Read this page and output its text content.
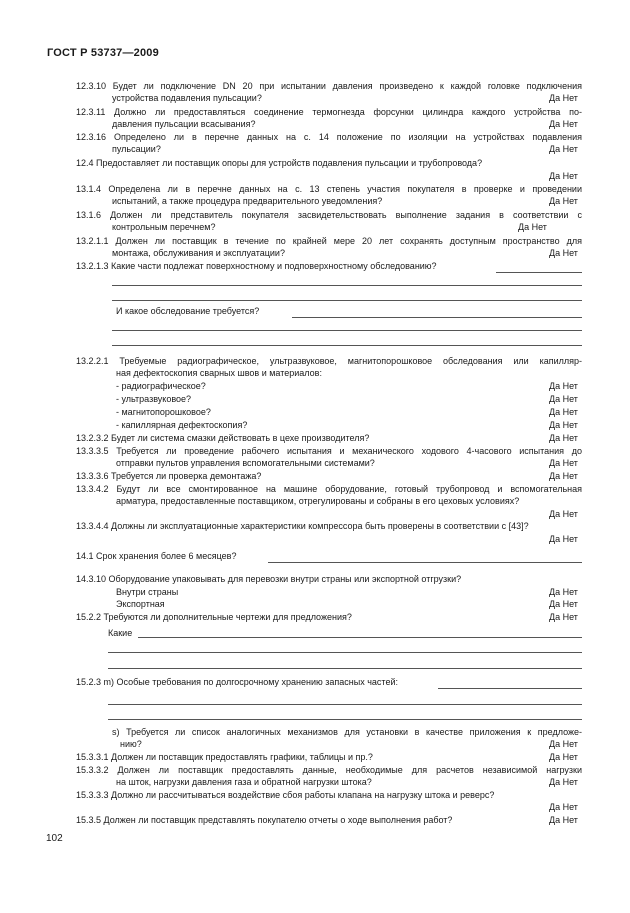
ГОСТ Р 53737—2009
12.3.10 Будет ли подключение DN 20 при испытании давления произведено к каждой головке подключения
устройства подавления пульсации?	Да Нет
12.3.11 Должно ли предоставляться соединение термогнезда форсунки цилиндра каждого устройства по-
давления пульсации всасывания?	Да Нет
12.3.16 Определено ли в перечне данных на с. 14 положение по изоляции на устройствах подавления
пульсации?	Да Нет
12.4 Предоставляет ли поставщик опоры для устройств подавления пульсации и трубопровода?
Да Нет
13.1.4 Определена ли в перечне данных на с. 13 степень участия покупателя в проверке и проведении
испытаний, а также процедура предварительного уведомления?	Да Нет
13.1.6 Должен ли представитель покупателя засвидетельствовать выполнение задания в соответствии с
контрольным перечнем?	Да Нет
13.2.1.1 Должен ли поставщик в течение по крайней мере 20 лет сохранять доступным пространство для
монтажа, обслуживания и эксплуатации?	Да Нет
13.2.1.3 Какие части подлежат поверхностному и подповерхностному обследованию?
И какое обследование требуется?
13.2.2.1 Требуемые радиографическое, ультразвуковое, магнитопорошковое обследования или капилляр-
ная дефектоскопия сварных швов и материалов:
- радиографическое?	Да Нет
- ультразвуковое?	Да Нет
- магнитопорошковое?	Да Нет
- капиллярная дефектоскопия?	Да Нет
13.2.3.2 Будет ли система смазки действовать в цехе производителя?	Да Нет
13.3.3.5 Требуется ли проведение рабочего испытания и механического ходового 4-часового испытания до
отправки пультов управления вспомогательными системами?	Да Нет
13.3.3.6 Требуется ли проверка демонтажа?	Да Нет
13.3.4.2 Будут ли все смонтированное на машине оборудование, готовый трубопровод и вспомогательная
арматура, предоставленные поставщиком, отрегулированы и собраны в его цеховых условиях?
Да Нет
13.3.4.4 Должны ли эксплуатационные характеристики компрессора быть проверены в соответствии с [43]?
Да Нет
14.1 Срок хранения более 6 месяцев?
14.3.10 Оборудование упаковывать для перевозки внутри страны или экспортной отгрузки?
Внутри страны	Да Нет
Экспортная	Да Нет
15.2.2 Требуются ли дополнительные чертежи для предложения?	Да Нет
Какие
15.2.3 m) Особые требования по долгосрочному хранению запасных частей:
s) Требуется ли список аналогичных механизмов для установки в качестве приложения к предложе-
нию?	Да Нет
15.3.3.1 Должен ли поставщик предоставлять графики, таблицы и пр.?	Да Нет
15.3.3.2 Должен ли поставщик предоставлять данные, необходимые для расчетов независимой нагрузки
на шток, нагрузки давления газа и обратной нагрузки штока?	Да Нет
15.3.3.3 Должно ли рассчитываться воздействие сбоя работы клапана на нагрузку штока и реверс?
Да Нет
15.3.5 Должен ли поставщик представлять покупателю отчеты о ходе выполнения работ?	Да Нет
102
